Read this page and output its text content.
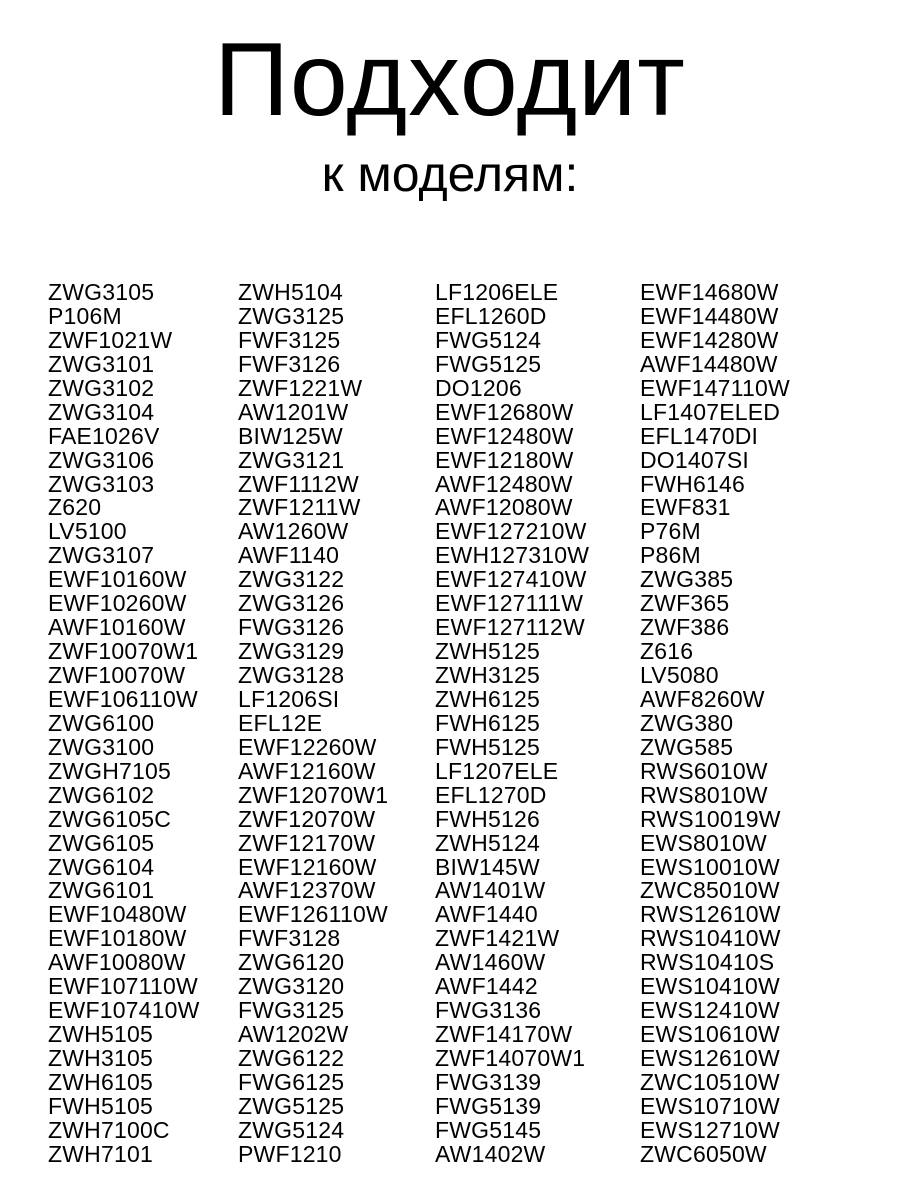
Подходит
к моделям:
ZWG3105
P106M
ZWF1021W
ZWG3101
ZWG3102
ZWG3104
FAE1026V
ZWG3106
ZWG3103
Z620
LV5100
ZWG3107
EWF10160W
EWF10260W
AWF10160W
ZWF10070W1
ZWF10070W
EWF106110W
ZWG6100
ZWG3100
ZWGH7105
ZWG6102
ZWG6105C
ZWG6105
ZWG6104
ZWG6101
EWF10480W
EWF10180W
AWF10080W
EWF107110W
EWF107410W
ZWH5105
ZWH3105
ZWH6105
FWH5105
ZWH7100C
ZWH7101
ZWH5104
ZWG3125
FWF3125
FWF3126
ZWF1221W
AW1201W
BIW125W
ZWG3121
ZWF1112W
ZWF1211W
AW1260W
AWF1140
ZWG3122
ZWG3126
FWG3126
ZWG3129
ZWG3128
LF1206SI
EFL12E
EWF12260W
AWF12160W
ZWF12070W1
ZWF12070W
ZWF12170W
EWF12160W
AWF12370W
EWF126110W
FWF3128
ZWG6120
ZWG3120
FWG3125
AW1202W
ZWG6122
FWG6125
ZWG5125
ZWG5124
PWF1210
LF1206ELE
EFL1260D
FWG5124
FWG5125
DO1206
EWF12680W
EWF12480W
EWF12180W
AWF12480W
AWF12080W
EWF127210W
EWH127310W
EWF127410W
EWF127111W
EWF127112W
ZWH5125
ZWH3125
ZWH6125
FWH6125
FWH5125
LF1207ELE
EFL1270D
FWH5126
ZWH5124
BIW145W
AW1401W
AWF1440
ZWF1421W
AW1460W
AWF1442
FWG3136
ZWF14170W
ZWF14070W1
FWG3139
FWG5139
FWG5145
AW1402W
EWF14680W
EWF14480W
EWF14280W
AWF14480W
EWF147110W
LF1407ELED
EFL1470DI
DO1407SI
FWH6146
EWF831
P76M
P86M
ZWG385
ZWF365
ZWF386
Z616
LV5080
AWF8260W
ZWG380
ZWG585
RWS6010W
RWS8010W
RWS10019W
EWS8010W
EWS10010W
ZWC85010W
RWS12610W
RWS10410W
RWS10410S
EWS10410W
EWS12410W
EWS10610W
EWS12610W
ZWC10510W
EWS10710W
EWS12710W
ZWC6050W
